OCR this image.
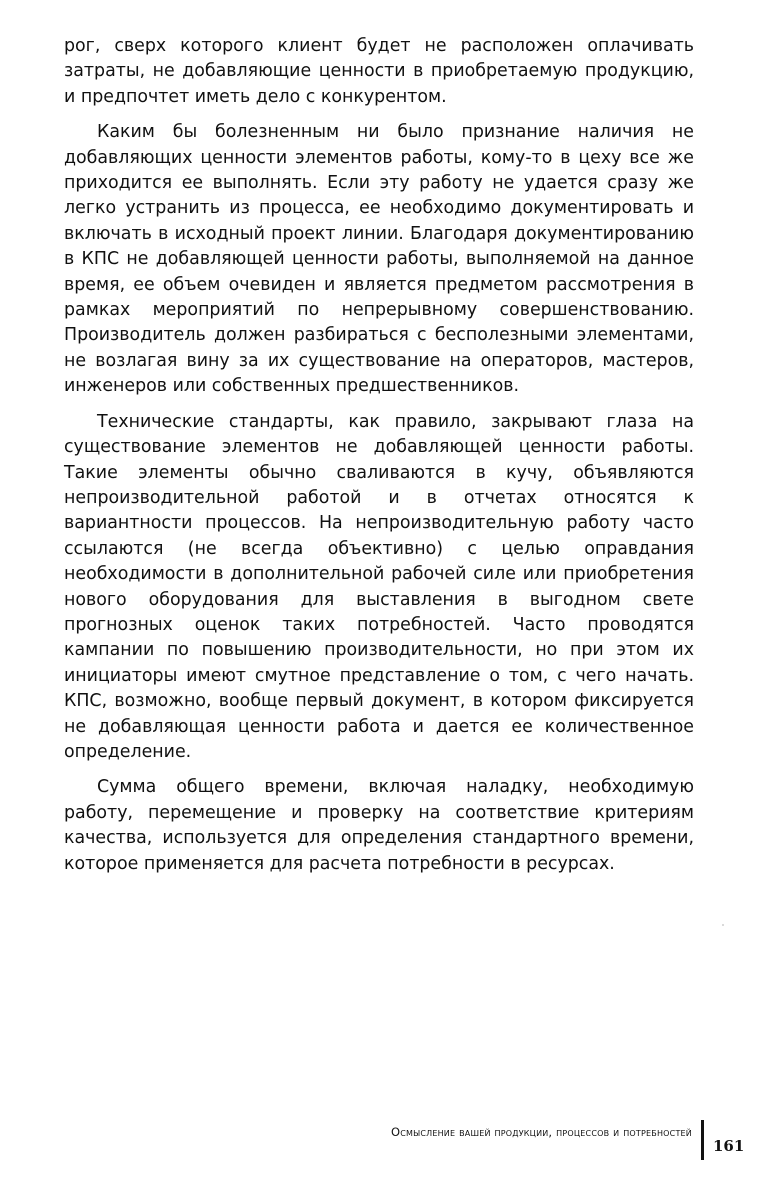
рог, сверх которого клиент будет не расположен оплачивать затраты, не добавляющие ценности в приобретаемую продукцию, и предпочтет иметь дело с конкурентом.

Каким бы болезненным ни было признание наличия не добавляющих ценности элементов работы, кому-то в цеху все же приходится ее выполнять. Если эту работу не удается сразу же легко устранить из процесса, ее необходимо документировать и включать в исходный проект линии. Благодаря документированию в КПС не добавляющей ценности работы, выполняемой на данное время, ее объем очевиден и является предметом рассмотрения в рамках мероприятий по непрерывному совершенствованию. Производитель должен разбираться с бесполезными элементами, не возлагая вину за их существование на операторов, мастеров, инженеров или собственных предшественников.

Технические стандарты, как правило, закрывают глаза на существование элементов не добавляющей ценности работы. Такие элементы обычно сваливаются в кучу, объявляются непроизводительной работой и в отчетах относятся к вариантности процессов. На непроизводительную работу часто ссылаются (не всегда объективно) с целью оправдания необходимости в дополнительной рабочей силе или приобретения нового оборудования для выставления в выгодном свете прогнозных оценок таких потребностей. Часто проводятся кампании по повышению производительности, но при этом их инициаторы имеют смутное представление о том, с чего начать. КПС, возможно, вообще первый документ, в котором фиксируется не добавляющая ценности работа и дается ее количественное определение.

Сумма общего времени, включая наладку, необходимую работу, перемещение и проверку на соответствие критериям качества, используется для определения стандартного времени, которое применяется для расчета потребности в ресурсах.

Осмысление вашей продукции, процессов и потребностей
161
